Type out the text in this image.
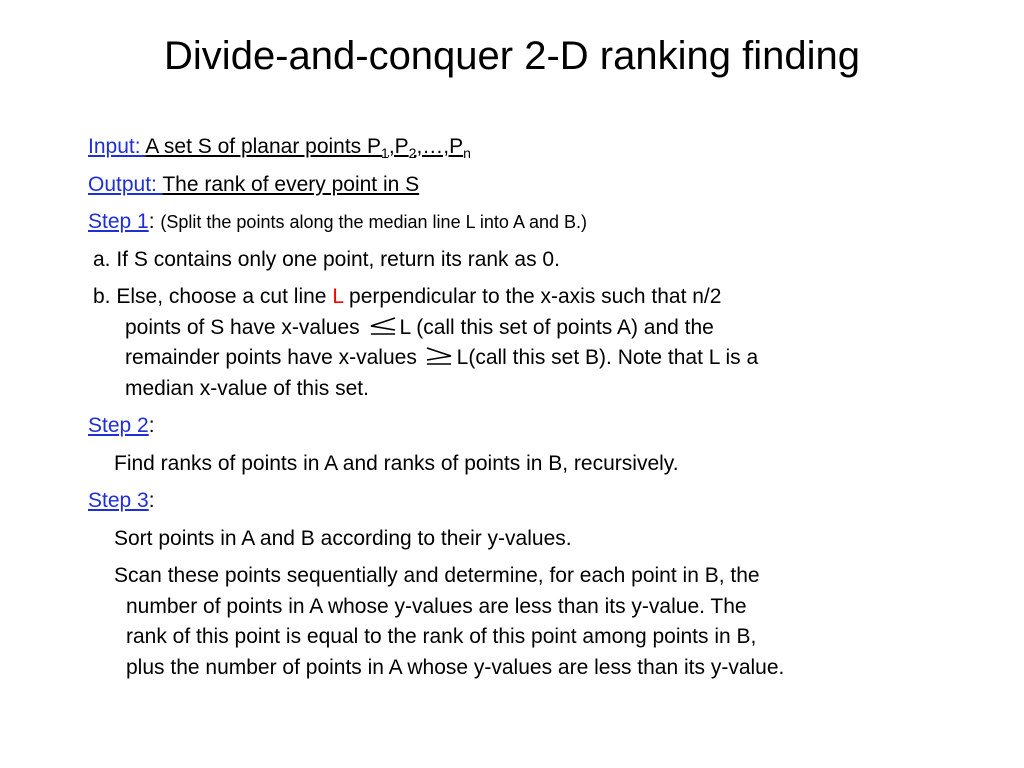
Divide-and-conquer 2-D ranking finding
Input: A set S of planar points $P_1,P_2,\dots,P_n$
Output: The rank of every point in S
Step 1: (Split the points along the median line L into A and B.)
a. If S contains only one point, return its rank as 0.
b. Else, choose a cut line L perpendicular to the x-axis such that n/2
points of S have x-values L (call this set of points A) and the
remainder points have x-values L(call this set B). Note that L is a
median x-value of this set.
Step 2:
Find ranks of points in A and ranks of points in B, recursively.
Step 3:
Sort points in A and B according to their y-values.
Scan these points sequentially and determine, for each point in B, the
number of points in A whose y-values are less than its y-value. The
rank of this point is equal to the rank of this point among points in B,
plus the number of points in A whose y-values are less than its y-value.
